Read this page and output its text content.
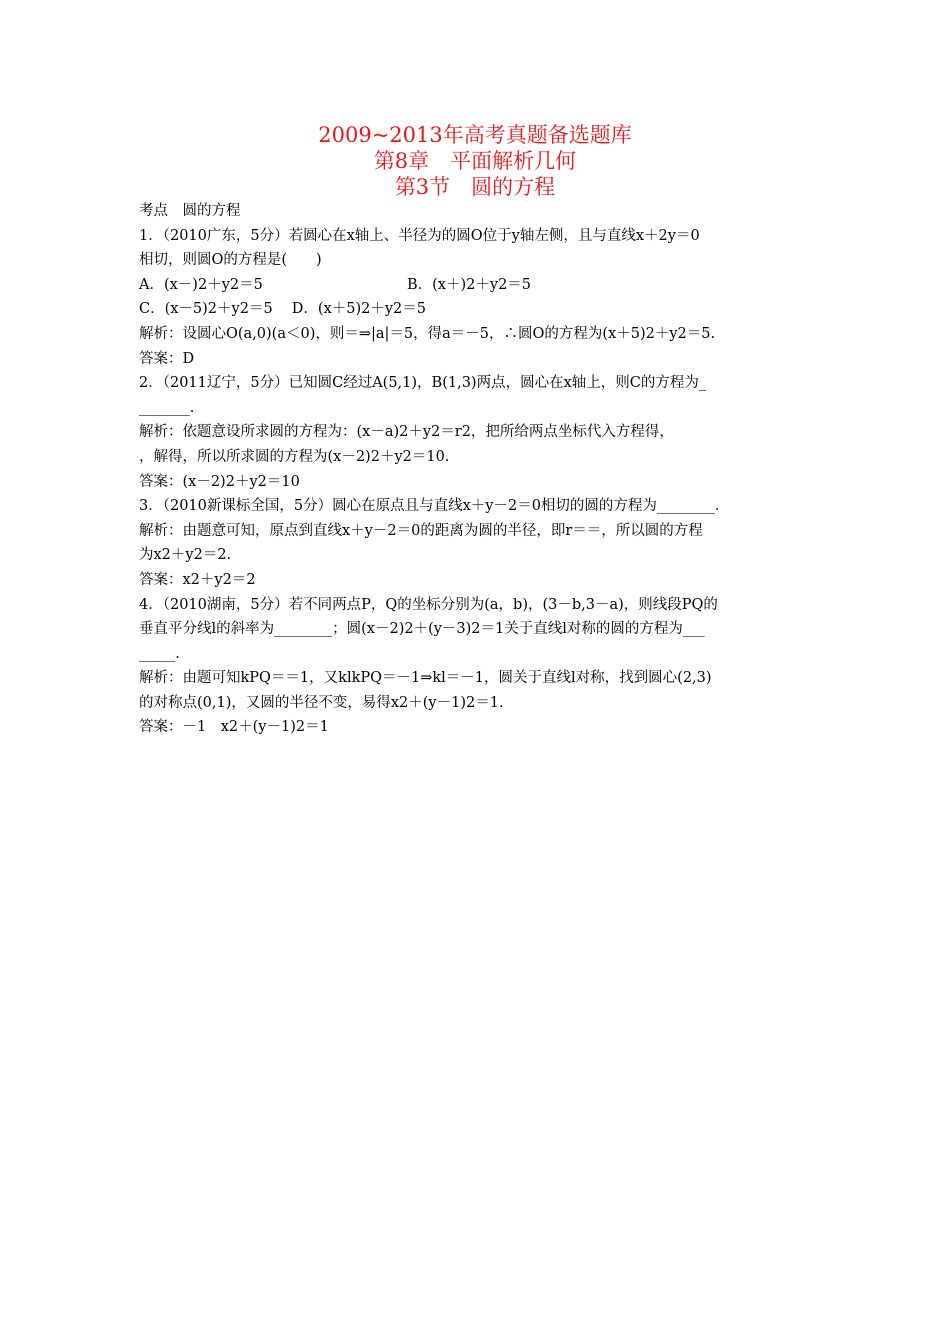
2009~2013年高考真题备选题库
第8章　平面解析几何
第3节　圆的方程
考点　圆的方程
1．（2010广东，5分）若圆心在x轴上、半径为的圆O位于y轴左侧，且与直线x＋2y＝0
相切，则圆O的方程是(　　)
A．(x－)2＋y2＝5	B．(x＋)2＋y2＝5
C．(x－5)2＋y2＝5　 D．(x＋5)2＋y2＝5
解析：设圆心O(a,0)(a＜0)，则＝⇒|a|＝5，得a＝－5，∴圆O的方程为(x＋5)2＋y2＝5.
答案：D
2．（2011辽宁，5分）已知圆C经过A(5,1)，B(1,3)两点，圆心在x轴上，则C的方程为_
_______.
解析：依题意设所求圆的方程为：(x－a)2＋y2＝r2，把所给两点坐标代入方程得，
，解得，所以所求圆的方程为(x－2)2＋y2＝10.
答案：(x－2)2＋y2＝10
3．（2010新课标全国，5分）圆心在原点且与直线x＋y－2＝0相切的圆的方程为________.
解析：由题意可知，原点到直线x＋y－2＝0的距离为圆的半径，即r＝＝，所以圆的方程
为x2＋y2＝2.
答案：x2＋y2＝2
4．（2010湖南，5分）若不同两点P，Q的坐标分别为(a，b)，(3－b,3－a)，则线段PQ的
垂直平分线l的斜率为________；圆(x－2)2＋(y－3)2＝1关于直线l对称的圆的方程为___
_____.
解析：由题可知kPQ＝＝1，又klkPQ＝－1⇒kl＝－1，圆关于直线l对称，找到圆心(2,3)
的对称点(0,1)，又圆的半径不变，易得x2＋(y－1)2＝1.
答案：－1　x2＋(y－1)2＝1
